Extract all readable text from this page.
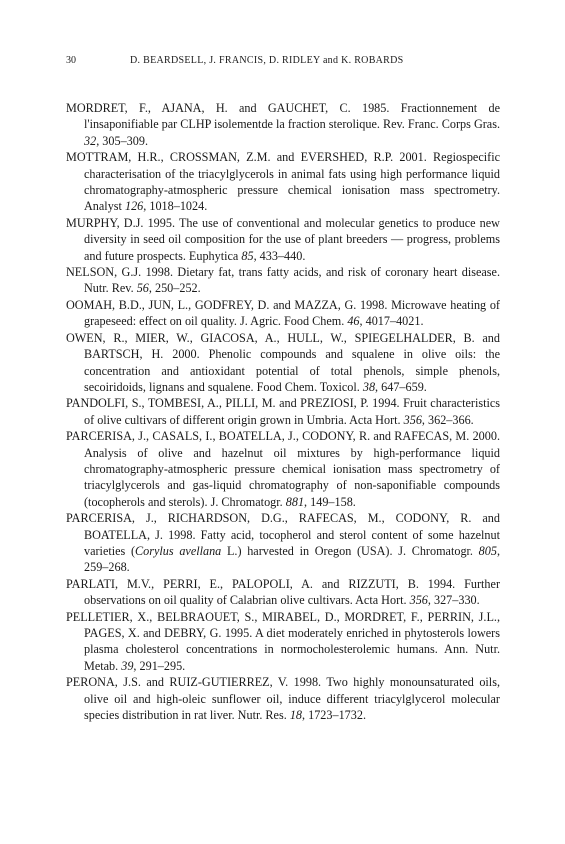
30	D. BEARDSELL, J. FRANCIS, D. RIDLEY and K. ROBARDS

MORDRET, F., AJANA, H. and GAUCHET, C. 1985. Fractionnement de l'insaponifiable par CLHP isolementde la fraction sterolique. Rev. Franc. Corps Gras. 32, 305–309.

MOTTRAM, H.R., CROSSMAN, Z.M. and EVERSHED, R.P. 2001. Regiospecific characterisation of the triacylglycerols in animal fats using high performance liquid chromatography-atmospheric pressure chemical ionisation mass spectrometry. Analyst 126, 1018–1024.

MURPHY, D.J. 1995. The use of conventional and molecular genetics to produce new diversity in seed oil composition for the use of plant breeders — progress, problems and future prospects. Euphytica 85, 433–440.

NELSON, G.J. 1998. Dietary fat, trans fatty acids, and risk of coronary heart disease. Nutr. Rev. 56, 250–252.

OOMAH, B.D., JUN, L., GODFREY, D. and MAZZA, G. 1998. Microwave heating of grapeseed: effect on oil quality. J. Agric. Food Chem. 46, 4017–4021.

OWEN, R., MIER, W., GIACOSA, A., HULL, W., SPIEGELHALDER, B. and BARTSCH, H. 2000. Phenolic compounds and squalene in olive oils: the concentration and antioxidant potential of total phenols, simple phenols, secoiridoids, lignans and squalene. Food Chem. Toxicol. 38, 647–659.

PANDOLFI, S., TOMBESI, A., PILLI, M. and PREZIOSI, P. 1994. Fruit characteristics of olive cultivars of different origin grown in Umbria. Acta Hort. 356, 362–366.

PARCERISA, J., CASALS, I., BOATELLA, J., CODONY, R. and RAFECAS, M. 2000. Analysis of olive and hazelnut oil mixtures by high-performance liquid chromatography-atmospheric pressure chemical ionisation mass spectrometry of triacylglycerols and gas-liquid chromatography of non-saponifiable compounds (tocopherols and sterols). J. Chromatogr. 881, 149–158.

PARCERISA, J., RICHARDSON, D.G., RAFECAS, M., CODONY, R. and BOATELLA, J. 1998. Fatty acid, tocopherol and sterol content of some hazelnut varieties (Corylus avellana L.) harvested in Oregon (USA). J. Chromatogr. 805, 259–268.

PARLATI, M.V., PERRI, E., PALOPOLI, A. and RIZZUTI, B. 1994. Further observations on oil quality of Calabrian olive cultivars. Acta Hort. 356, 327–330.

PELLETIER, X., BELBRAOUET, S., MIRABEL, D., MORDRET, F., PERRIN, J.L., PAGES, X. and DEBRY, G. 1995. A diet moderately enriched in phytosterols lowers plasma cholesterol concentrations in normocholesterolemic humans. Ann. Nutr. Metab. 39, 291–295.

PERONA, J.S. and RUIZ-GUTIERREZ, V. 1998. Two highly monounsaturated oils, olive oil and high-oleic sunflower oil, induce different triacylglycerol molecular species distribution in rat liver. Nutr. Res. 18, 1723–1732.
